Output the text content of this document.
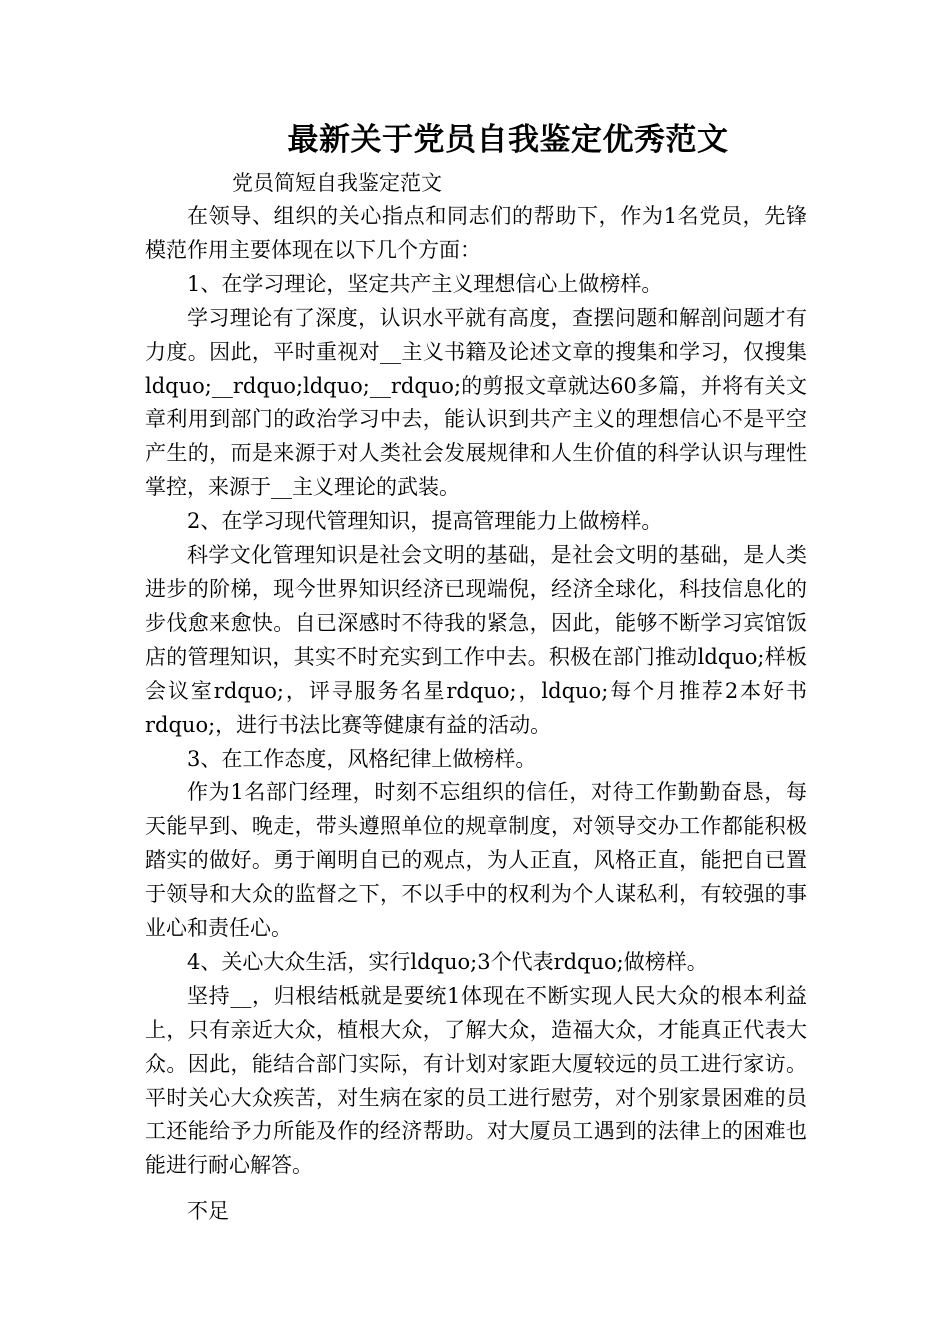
最新关于党员自我鉴定优秀范文
党员简短自我鉴定范文

在领导、组织的关心指点和同志们的帮助下，作为1名党员，先锋模范作用主要体现在以下几个方面：

1、在学习理论，坚定共产主义理想信心上做榜样。

学习理论有了深度，认识水平就有高度，查摆问题和解剖问题才有力度。因此，平时重视对__主义书籍及论述文章的搜集和学习，仅搜集ldquo;__rdquo;ldquo;__rdquo;的剪报文章就达60多篇，并将有关文章利用到部门的政治学习中去，能认识到共产主义的理想信心不是平空产生的，而是来源于对人类社会发展规律和人生价值的科学认识与理性掌控，来源于__主义理论的武装。

2、在学习现代管理知识，提高管理能力上做榜样。

科学文化管理知识是社会文明的基础，是社会文明的基础，是人类进步的阶梯，现今世界知识经济已现端倪，经济全球化，科技信息化的步伐愈来愈快。自已深感时不待我的紧急，因此，能够不断学习宾馆饭店的管理知识，其实不时充实到工作中去。积极在部门推动ldquo;样板会议室rdquo;，评寻服务名星rdquo;，ldquo;每个月推荐2本好书rdquo;，进行书法比赛等健康有益的活动。

3、在工作态度，风格纪律上做榜样。

作为1名部门经理，时刻不忘组织的信任，对待工作勤勤奋恳，每天能早到、晚走，带头遵照单位的规章制度，对领导交办工作都能积极踏实的做好。勇于阐明自已的观点，为人正直，风格正直，能把自已置于领导和大众的监督之下，不以手中的权利为个人谋私利，有较强的事业心和责任心。

4、关心大众生活，实行ldquo;3个代表rdquo;做榜样。

坚持__，归根结柢就是要统1体现在不断实现人民大众的根本利益上，只有亲近大众，植根大众，了解大众，造福大众，才能真正代表大众。因此，能结合部门实际，有计划对家距大厦较远的员工进行家访。平时关心大众疾苦，对生病在家的员工进行慰劳，对个别家景困难的员工还能给予力所能及作的经济帮助。对大厦员工遇到的法律上的困难也能进行耐心解答。

不足
